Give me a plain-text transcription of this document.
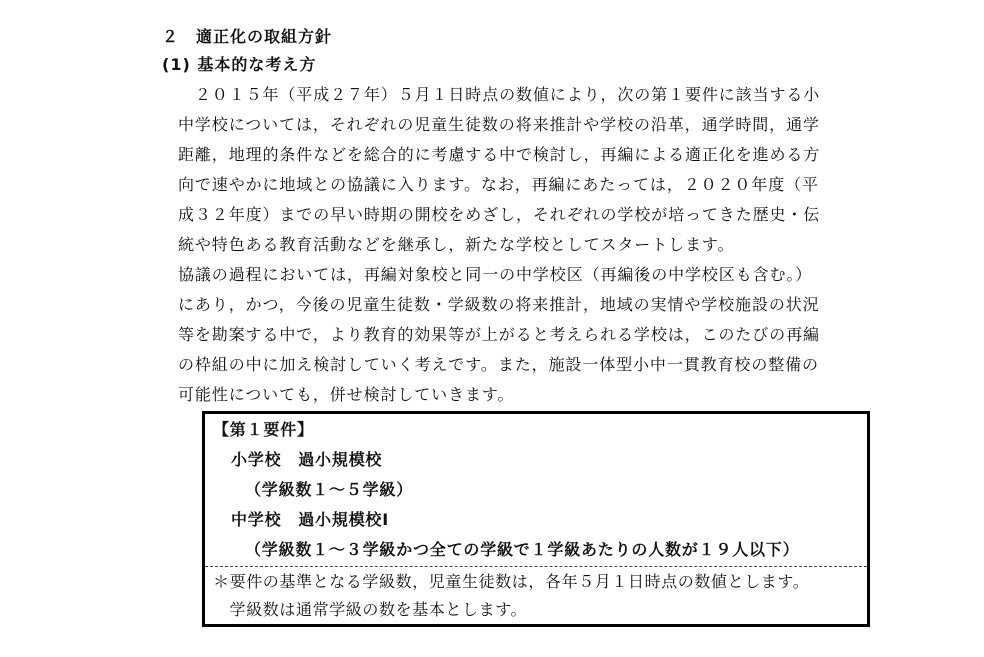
２　 適正化の取組方針
(1) 基本的な考え方
　２０１５年（平成２７年）５月１日時点の数値により，次の第１要件に該当する小
中学校については，それぞれの児童生徒数の将来推計や学校の沿革，通学時間，通学
距離，地理的条件などを総合的に考慮する中で検討し，再編による適正化を進める方
向で速やかに地域との協議に入ります。なお，再編にあたっては，２０２０年度（平
成３２年度）までの早い時期の開校をめざし，それぞれの学校が培ってきた歴史・伝
統や特色ある教育活動などを継承し，新たな学校としてスタートします。
協議の過程においては，再編対象校と同一の中学校区（再編後の中学校区も含む。）
にあり，かつ，今後の児童生徒数・学級数の将来推計，地域の実情や学校施設の状況
等を勘案する中で，より教育的効果等が上がると考えられる学校は，このたびの再編
の枠組の中に加え検討していく考えです。また，施設一体型小中一貫教育校の整備の
可能性についても，併せ検討していきます。
【第１要件】
小学校　過小規模校
（学級数１～５学級）
中学校　過小規模校Ⅰ
（学級数１～３学級かつ全ての学級で１学級あたりの人数が１９人以下）
＊要件の基準となる学級数，児童生徒数は，各年５月１日時点の数値とします。
　学級数は通常学級の数を基本とします。
